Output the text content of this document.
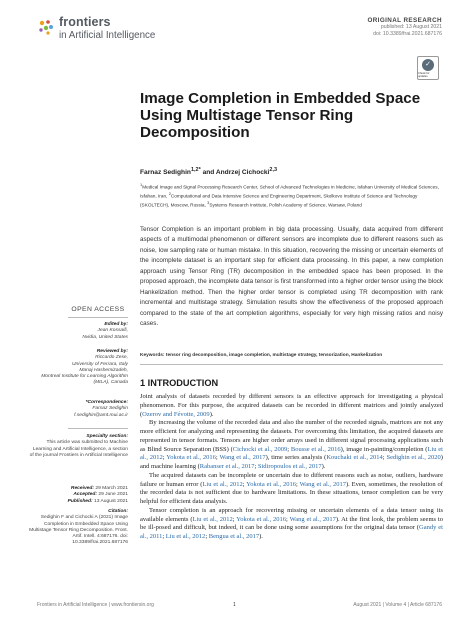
frontiers
in Artificial Intelligence
ORIGINAL RESEARCH
published: 13 August 2021
doi: 10.3389/frai.2021.687176
✓
Check for updates
Image Completion in Embedded Space Using Multistage Tensor Ring Decomposition
Farnaz Sedighin$^{1,2*}$ and Andrzej Cichocki$^{2,3}$
$^1$Medical Image and Signal Processing Research Center, School of Advanced Technologies in Medicine, Isfahan University of Medical Sciences, Isfahan, Iran, $^2$Computational and Data Intensive Science and Engineering Department, Skolkovo Institute of Science and Technology (SKOLTECH), Moscow, Russia, $^3$Systems Research Institute, Polish Academy of Science, Warsaw, Poland

Tensor Completion is an important problem in big data processing. Usually, data acquired from different aspects of a multimodal phenomenon or different sensors are incomplete due to different reasons such as noise, low sampling rate or human mistake. In this situation, recovering the missing or uncertain elements of the incomplete dataset is an important step for efficient data processing. In this paper, a new completion approach using Tensor Ring (TR) decomposition in the embedded space has been proposed. In the proposed approach, the incomplete data tensor is first transformed into a higher order tensor using the block Hankelization method. Then the higher order tensor is completed using TR decomposition with rank incremental and multistage strategy. Simulation results show the effectiveness of the proposed approach compared to the state of the art completion algorithms, especially for very high missing ratios and noisy cases.

Keywords: tensor ring decomposition, image completion, multistage strategy, tensorization, Hankelization
1 INTRODUCTION

Joint analysis of datasets recorded by different sensors is an effective approach for investigating a physical phenomenon. For this purpose, the acquired datasets can be recorded in different matrices and jointly analyzed (Ozerov and Févotte, 2009).

By increasing the volume of the recorded data and also the number of the recorded signals, matrices are not any more efficient for analyzing and representing the datasets. For overcoming this limitation, the acquired datasets are represented in tensor formats. Tensors are higher order arrays used in different signal processing applications such as Blind Source Separation (BSS) (Cichocki et al., 2009; Bousse et al., 2016), image in-painting/completion (Liu et al., 2012; Yokota et al., 2016; Wang et al., 2017), time series analysis (Kouchaki et al., 2014; Sedighin et al., 2020) and machine learning (Rabanser et al., 2017; Sidiropoulos et al., 2017).

The acquired datasets can be incomplete or uncertain due to different reasons such as noise, outliers, hardware failure or human error (Liu et al., 2012; Yokota et al., 2016; Wang et al., 2017). Even, sometimes, the resolution of the recorded data is not sufficient due to hardware limitations. In these situations, tensor completion can be very helpful for efficient data analysis.

Tensor completion is an approach for recovering missing or uncertain elements of a data tensor using its available elements (Liu et al., 2012; Yokota et al., 2016; Wang et al., 2017). At the first look, the problem seems to be ill-posed and difficult, but indeed, it can be done using some assumptions for the original data tensor (Gandy et al., 2011; Liu et al., 2012; Bengua et al., 2017).

OPEN ACCESS
Edited by:
Jean Kossaifi,
Nvidia, United States
Reviewed by:
Riccardo Zese,
University of Ferrara, Italy
Manaj Hashemizadeh,
Montreal Institute for Learning Algorithm (MILA), Canada
*Correspondence:
Farnaz Sedighin
f.sedighin@amt.mui.ac.ir
Specialty section:
This article was submitted to Machine Learning and Artificial Intelligence, a section of the journal Frontiers in Artificial Intelligence
Received: 29 March 2021
Accepted: 29 June 2021
Published: 13 August 2021
Citation:
Sedighin F and Cichocki A (2021) Image Completion in Embedded Space Using Multistage Tensor Ring Decomposition. Front. Artif. Intell. 4:687176. doi: 10.3389/frai.2021.687176
Frontiers in Artificial Intelligence | www.frontiersin.org	1	August 2021 | Volume 4 | Article 687176
